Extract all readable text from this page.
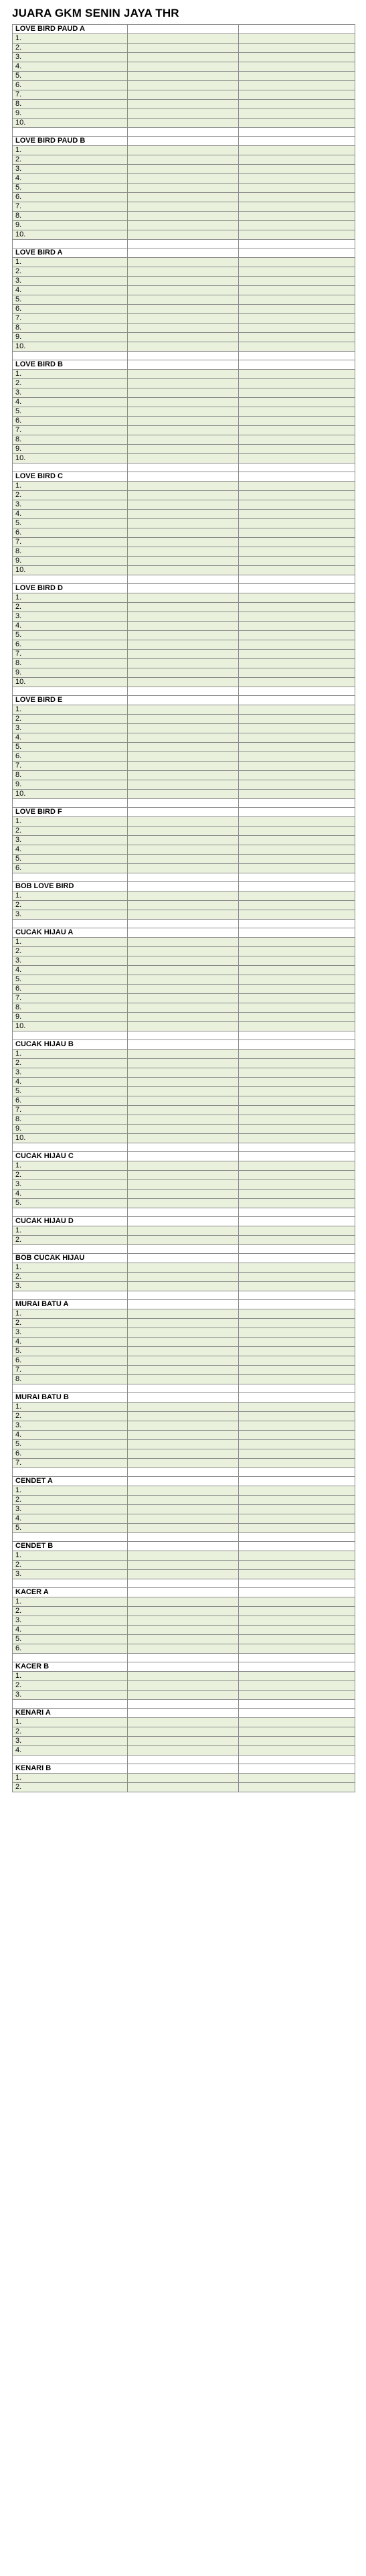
JUARA GKM SENIN JAYA THR
LOVE BIRD PAUD A		
1.		
2.		
3.		
4.		
5.		
6.		
7.		
8.		
9.		
10.		

LOVE BIRD PAUD B		
1.		
2.		
3.		
4.		
5.		
6.		
7.		
8.		
9.		
10.		

LOVE BIRD A		
1.		
2.		
3.		
4.		
5.		
6.		
7.		
8.		
9.		
10.		

LOVE BIRD B		
1.		
2.		
3.		
4.		
5.		
6.		
7.		
8.		
9.		
10.		

LOVE BIRD C		
1.		
2.		
3.		
4.		
5.		
6.		
7.		
8.		
9.		
10.		

LOVE BIRD D		
1.		
2.		
3.		
4.		
5.		
6.		
7.		
8.		
9.		
10.		

LOVE BIRD E		
1.		
2.		
3.		
4.		
5.		
6.		
7.		
8.		
9.		
10.		

LOVE BIRD F		
1.		
2.		
3.		
4.		
5.		
6.		

BOB LOVE BIRD		
1.		
2.		
3.		

CUCAK HIJAU A		
1.		
2.		
3.		
4.		
5.		
6.		
7.		
8.		
9.		
10.		

CUCAK HIJAU B		
1.		
2.		
3.		
4.		
5.		
6.		
7.		
8.		
9.		
10.		

CUCAK HIJAU C		
1.		
2.		
3.		
4.		
5.		

CUCAK HIJAU D		
1.		
2.		

BOB CUCAK HIJAU		
1.		
2.		
3.		

MURAI BATU A		
1.		
2.		
3.		
4.		
5.		
6.		
7.		
8.		

MURAI BATU B		
1.		
2.		
3.		
4.		
5.		
6.		
7.		

CENDET A		
1.		
2.		
3.		
4.		
5.		

CENDET B		
1.		
2.		
3.		

KACER A		
1.		
2.		
3.		
4.		
5.		
6.		

KACER B		
1.		
2.		
3.		

KENARI A		
1.		
2.		
3.		
4.		

KENARI B		
1.		
2.		
